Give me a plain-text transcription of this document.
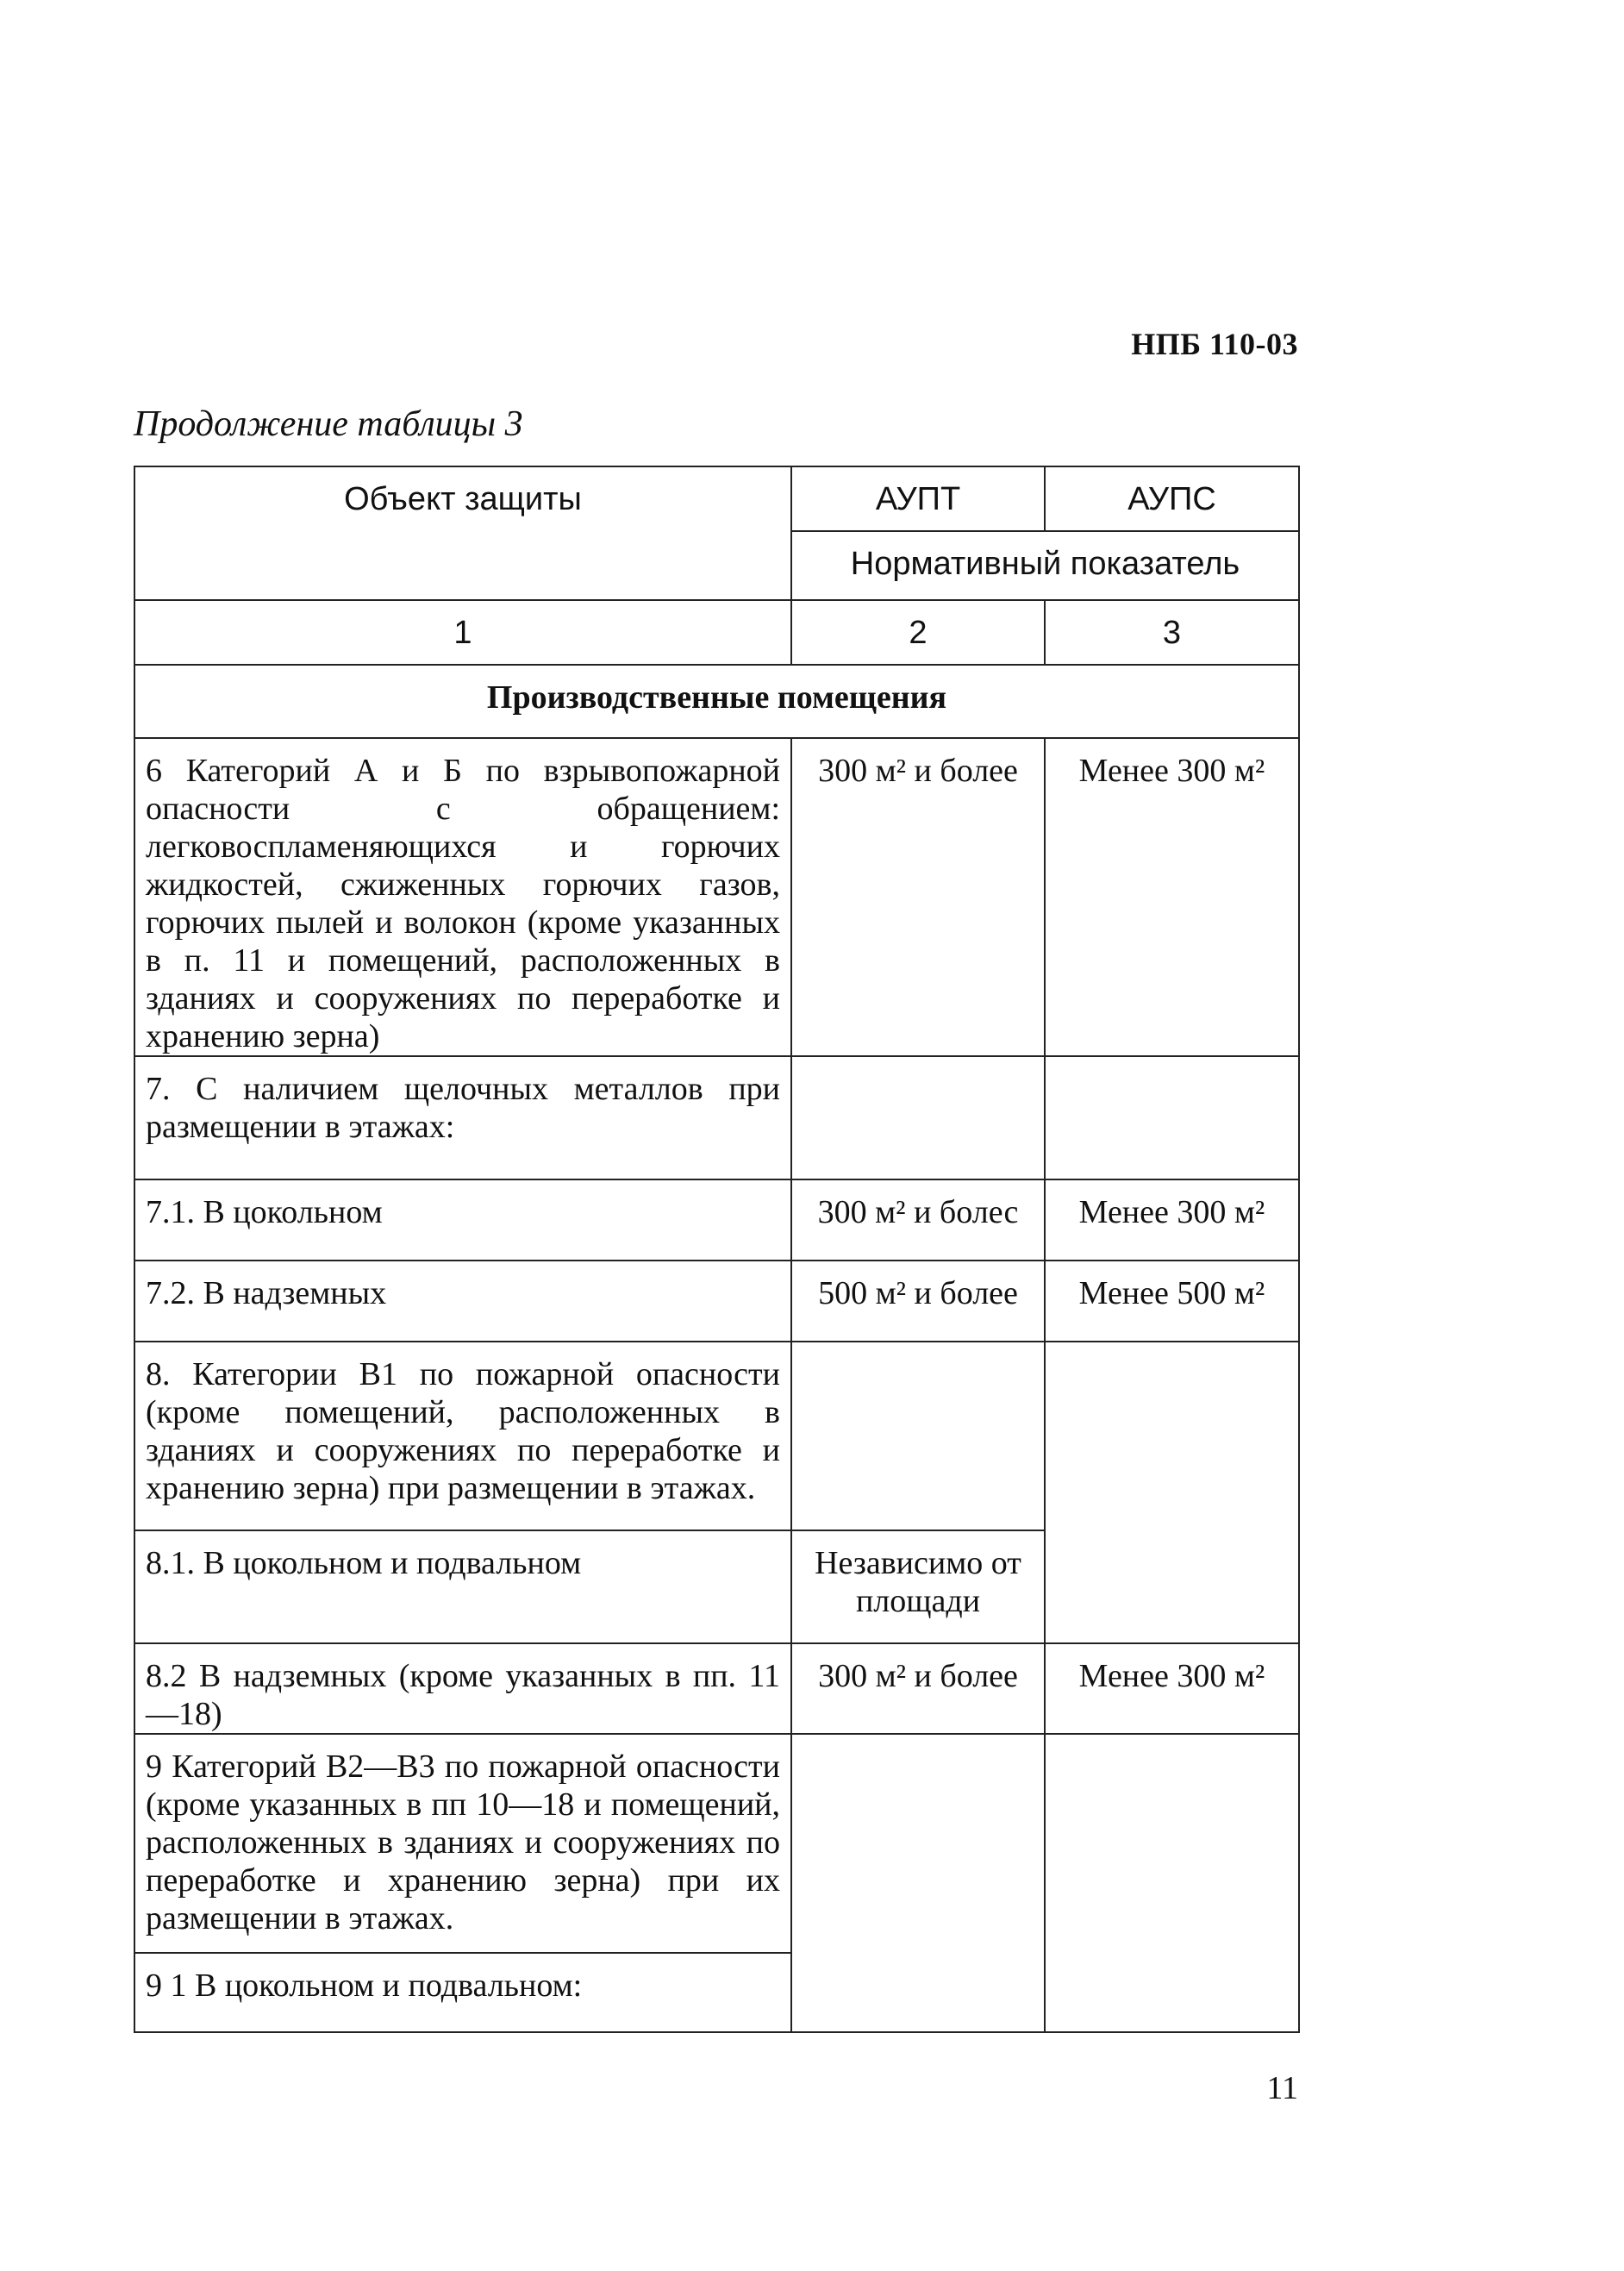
НПБ 110-03
Продолжение таблицы 3
Объект защиты	АУПТ	АУПС
	Нормативный показатель	
1	2	3
Производственные помещения		
6 Категорий А и Б по взрывопожарной опасности с обращением: легковоспламеняющихся и горючих жидкостей, сжиженных горючих газов, горючих пылей и волокон (кроме указанных в п. 11 и помещений, расположенных в зданиях и сооружениях по переработке и хранению зерна)	300 м² и более	Менее 300 м²
7. С наличием щелочных металлов при размещении в этажах:		
7.1. В цокольном	300 м² и болес	Менее 300 м²
7.2. В надземных	500 м² и более	Менее 500 м²
8. Категории В1 по пожарной опасности (кроме помещений, расположенных в зданиях и сооружениях по переработке и хранению зерна) при размещении в этажах.		
8.1. В цокольном и подвальном	Независимо от площади	
8.2 В надземных (кроме указанных в пп. 11—18)	300 м² и более	Менее 300 м²
9 Категорий В2—В3 по пожарной опасности (кроме указанных в пп 10—18 и помещений, расположенных в зданиях и сооружениях по переработке и хранению зерна) при их размещении в этажах.		
9 1 В цокольном и подвальном:		
11
